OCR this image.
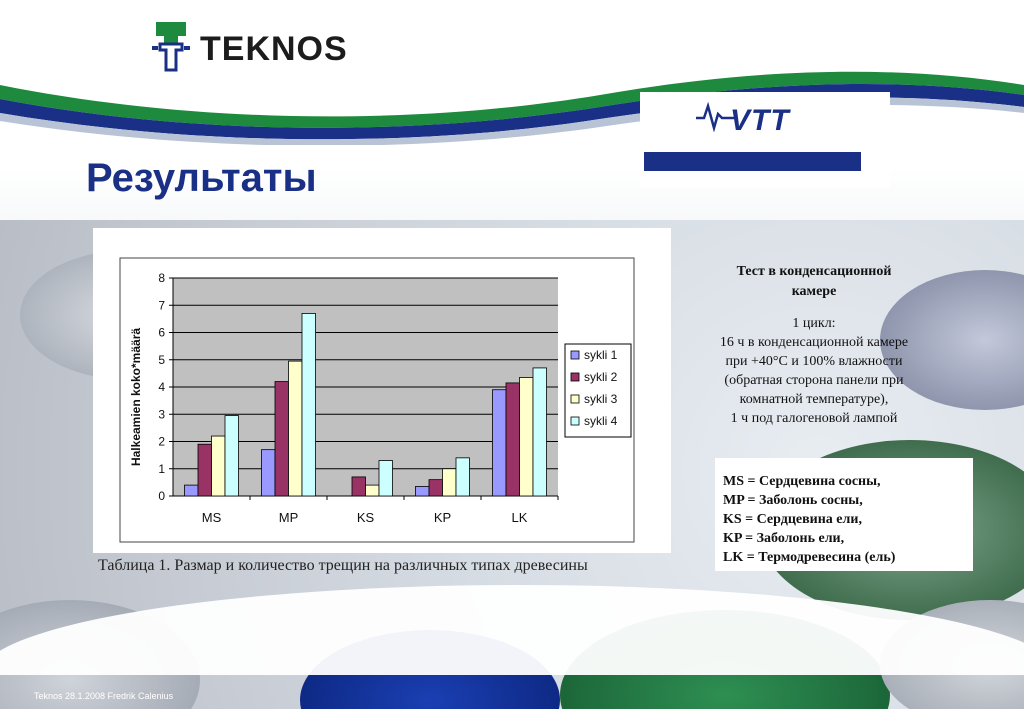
TEKNOS
VTT
Результаты
0
1
2
3
4
5
6
7
8
MS	MP	KS	KP	LK
Halkeamien koko*määrä	sykli 1
sykli 2
sykli 3
sykli 4

Таблица 1. Размар и количество трещин на различных типах древесины

Тест в конденсационной
камере

1 цикл:
16 ч в конденсационной камере
при +40°C и 100% влажности
(обратная сторона панели при
комнатной температуре),
1 ч под галогеновой лампой
MS = Сердцевина сосны,
MP = Заболонь сосны,
KS = Сердцевина ели,
KP = Заболонь ели,
LK = Термодревесина (ель)

Teknos 28.1.2008 Fredrik Calenius
